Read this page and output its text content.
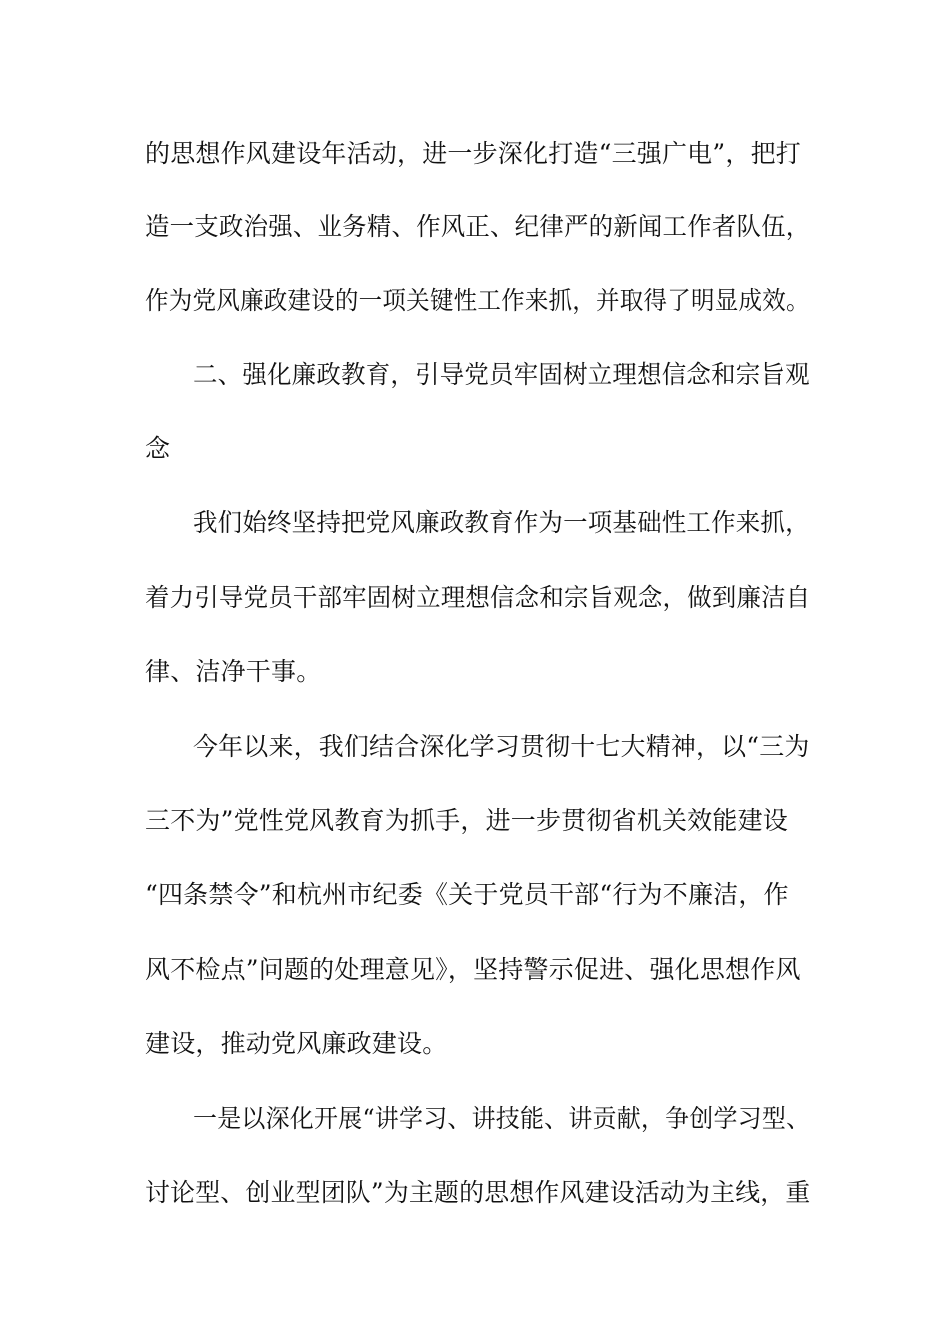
的思想作风建设年活动，进一步深化打造“三强广电”，把打
造一支政治强、业务精、作风正、纪律严的新闻工作者队伍，
作为党风廉政建设的一项关键性工作来抓，并取得了明显成效。
二、强化廉政教育，引导党员牢固树立理想信念和宗旨观
念
我们始终坚持把党风廉政教育作为一项基础性工作来抓，
着力引导党员干部牢固树立理想信念和宗旨观念，做到廉洁自
律、洁净干事。
今年以来，我们结合深化学习贯彻十七大精神，以“三为
三不为”党性党风教育为抓手，进一步贯彻省机关效能建设
“四条禁令”和杭州市纪委《关于党员干部“行为不廉洁，作
风不检点”问题的处理意见》，坚持警示促进、强化思想作风
建设，推动党风廉政建设。
一是以深化开展“讲学习、讲技能、讲贡献，争创学习型、
讨论型、创业型团队”为主题的思想作风建设活动为主线，重
